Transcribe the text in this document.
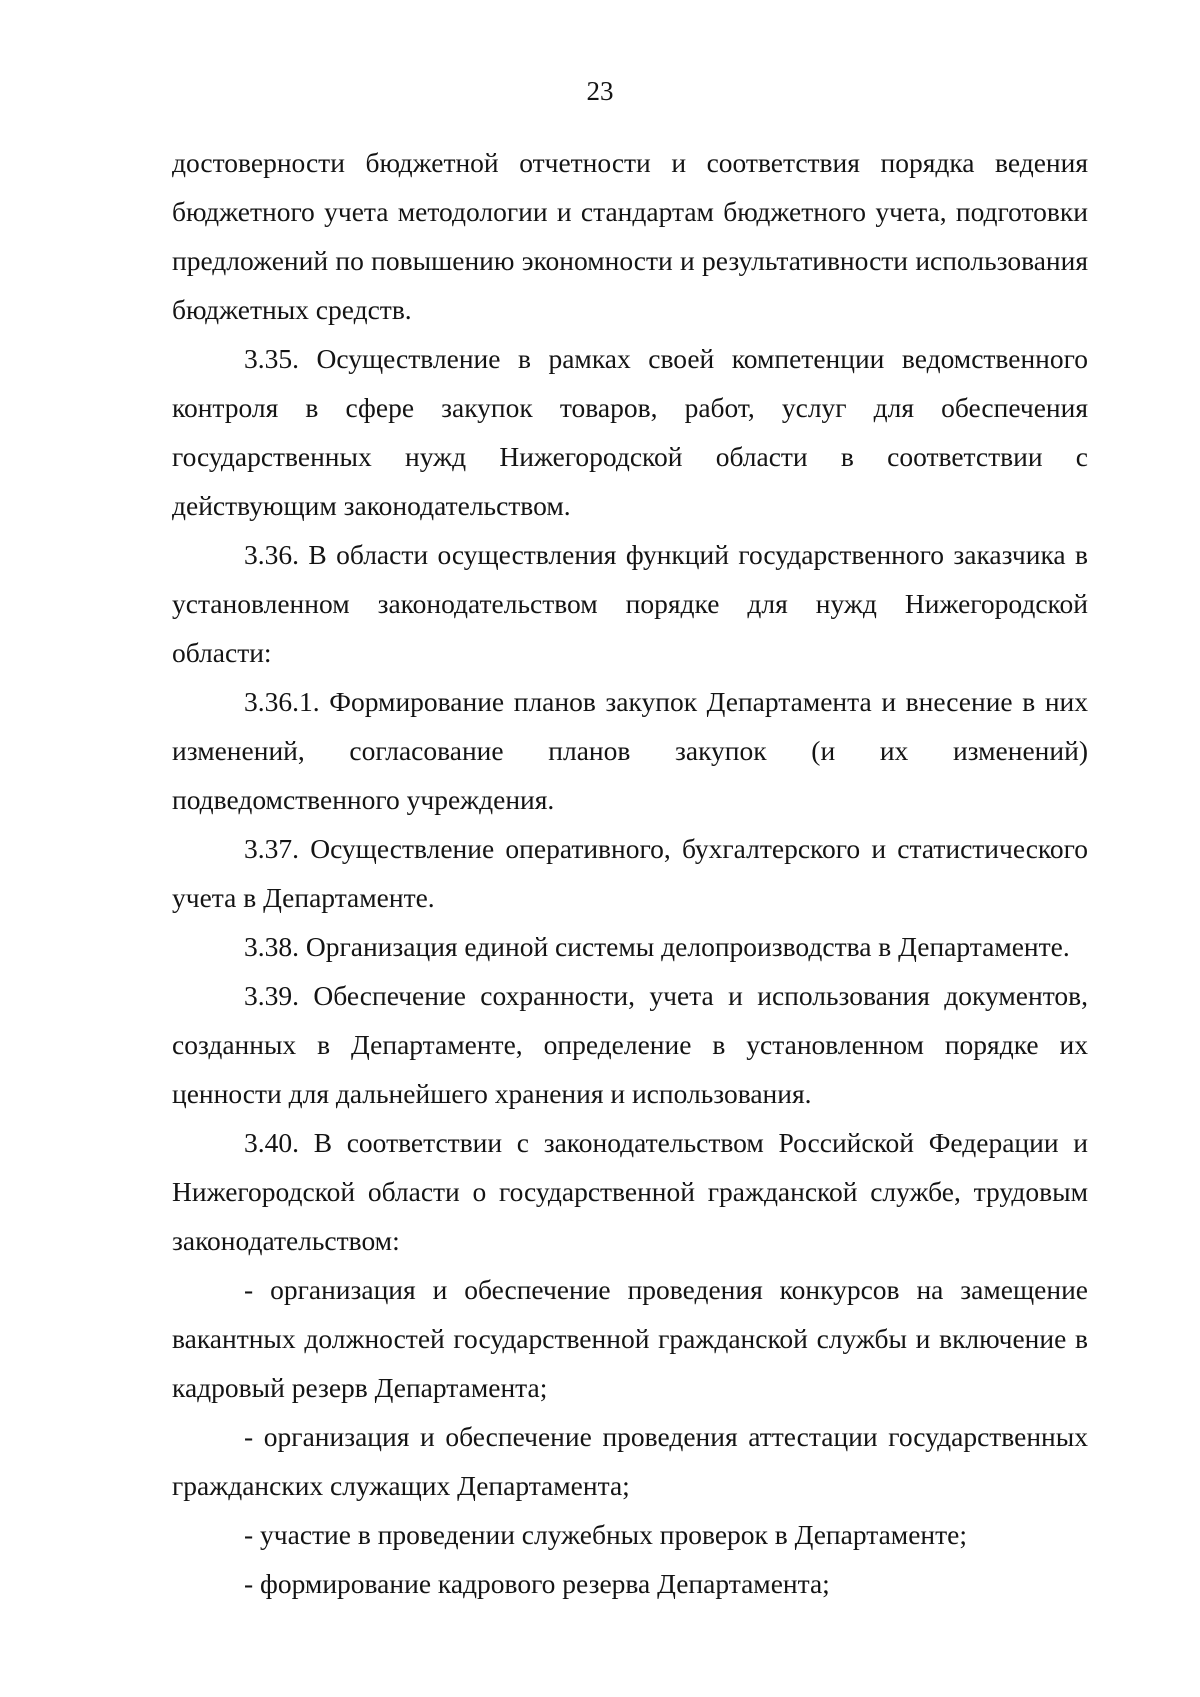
23

достоверности бюджетной отчетности и соответствия порядка ведения бюджетного учета методологии и стандартам бюджетного учета, подготовки предложений по повышению экономности и результативности использования бюджетных средств.

3.35. Осуществление в рамках своей компетенции ведомственного контроля в сфере закупок товаров, работ, услуг для обеспечения государственных нужд Нижегородской области в соответствии с действующим законодательством.

3.36. В области осуществления функций государственного заказчика в установленном законодательством порядке для нужд Нижегородской области:

3.36.1. Формирование планов закупок Департамента и внесение в них изменений, согласование планов закупок (и их изменений) подведомственного учреждения.

3.37. Осуществление оперативного, бухгалтерского и статистического учета в Департаменте.

3.38. Организация единой системы делопроизводства в Департаменте.

3.39. Обеспечение сохранности, учета и использования документов, созданных в Департаменте, определение в установленном порядке их ценности для дальнейшего хранения и использования.

3.40. В соответствии с законодательством Российской Федерации и Нижегородской области о государственной гражданской службе, трудовым законодательством:

- организация и обеспечение проведения конкурсов на замещение вакантных должностей государственной гражданской службы и включение в кадровый резерв Департамента;

- организация и обеспечение проведения аттестации государственных гражданских служащих Департамента;

- участие в проведении служебных проверок в Департаменте;

- формирование кадрового резерва Департамента;
